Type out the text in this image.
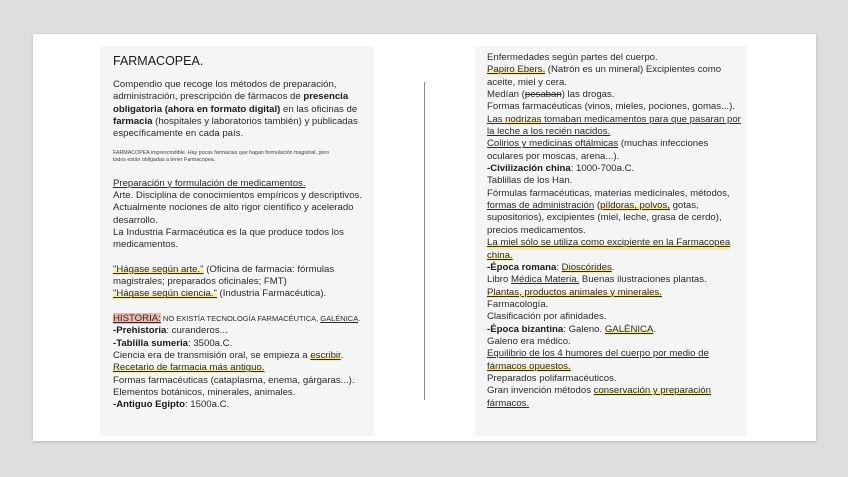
FARMACOPEA.
Compendio que recoge los métodos de preparación,
administración, prescripción de fármacos de presencia
obligatoria (ahora en formato digital) en las oficinas de
farmacia (hospitales y laboratorios también) y publicadas
específicamente en cada país.
FARMACOPEA imprescindible. Hay pocas farmacias que hagan formulación magistral, pero
todos están obligadas a tener Farmacopea.
Preparación y formulación de medicamentos.
Arte. Disciplina de conocimientos empíricos y descriptivos.
Actualmente nociones de alto rigor científico y acelerado
desarrollo.
La Industria Farmacéutica es la que produce todos los
medicamentos.
"Hágase según arte." (Oficina de farmacia: fórmulas
magistrales; preparados oficinales; FMT)
"Hágase según ciencia." (Industria Farmacéutica).
HISTORIA: NO EXISTÍA TECNOLOGÍA FARMACÉUTICA, GALÉNICA.
-Prehistoria: curanderos...
-Tablilla sumeria: 3500a.C.
Ciencia era de transmisión oral, se empieza a escribir.
Recetario de farmacia más antiguo.
Formas farmacéuticas (cataplasma, enema, gárgaras...).
Elementos botánicos, minerales, animales.
-Antiguo Egipto: 1500a.C.
Enfermedades según partes del cuerpo.
Papiro Ebers. (Natrón es un mineral) Excipientes como
aceite, miel y cera.
Medían (pesaban) las drogas.
Formas farmacéuticas (vinos, mieles, pociones, gomas...).
Las nodrizas tomaban medicamentos para que pasaran por
la leche a los recién nacidos.
Colirios y medicinas oftálmicas (muchas infecciones
oculares por moscas, arena...).
-Civilización china: 1000-700a.C.
Tablillas de los Han.
Fórmulas farmacéuticas, materias medicinales, métodos,
formas de administración (píldoras, polvos, gotas,
supositorios), excipientes (miel, leche, grasa de cerdo),
precios medicamentos.
La miel sólo se utiliza como excipiente en la Farmacopea
china.
-Época romana: Dioscórides.
Libro Médica Materia. Buenas ilustraciones plantas.
Plantas, productos animales y minerales.
Farmacología.
Clasificación por afinidades.
-Época bizantina: Galeno. GALÉNICA.
Galeno era médico.
Equilibrio de los 4 humores del cuerpo por medio de
fármacos opuestos.
Preparados polifarmacéuticos.
Gran invención métodos conservación y preparación
fármacos.
